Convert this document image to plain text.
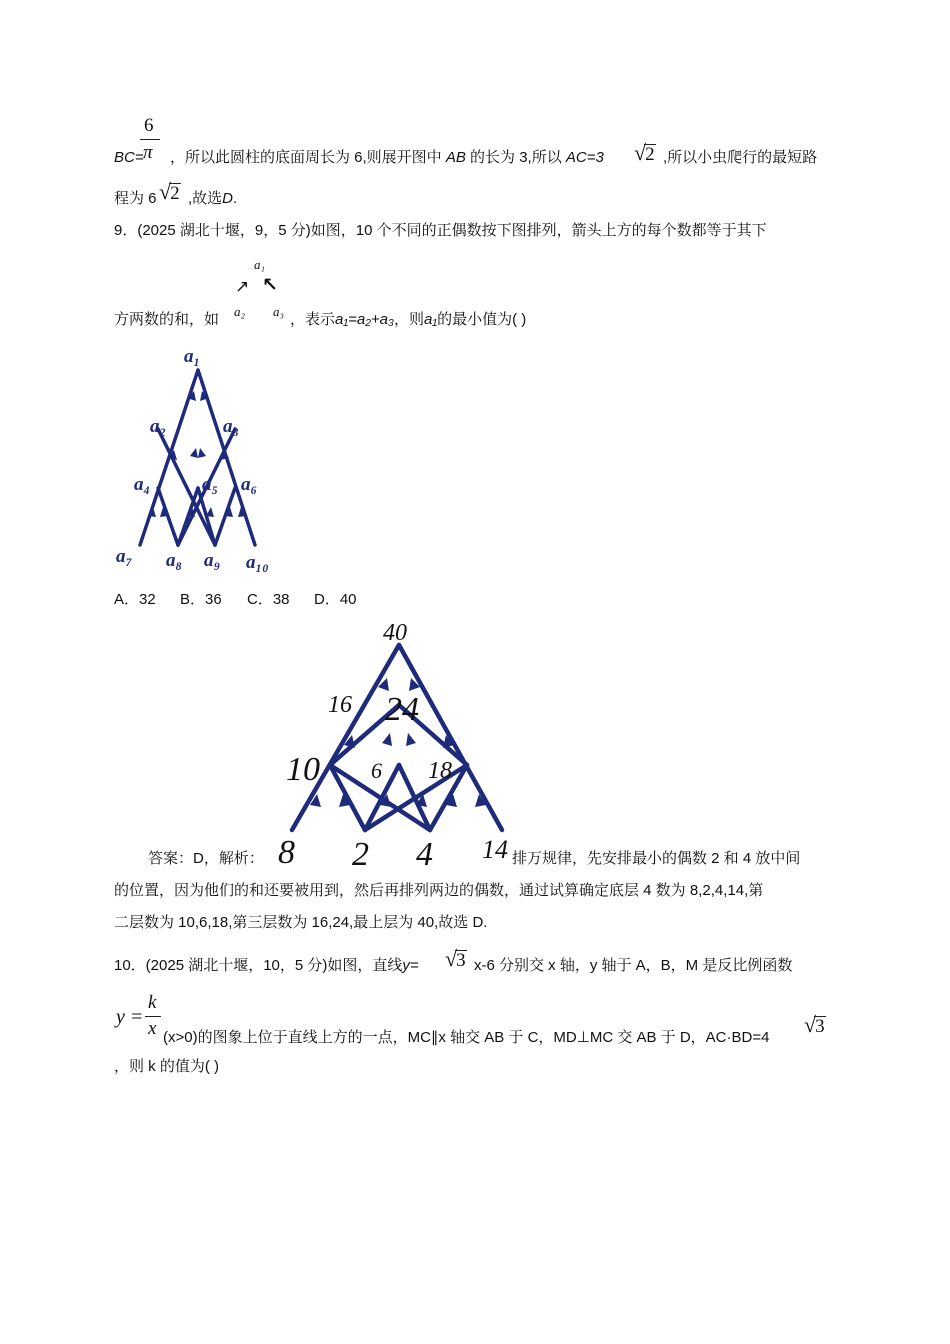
6
π
BC= ，所以此圆柱的底面周长为 6,则展开图中 AB 的长为 3,所以 AC=3 √2 ,所以小虫爬行的最短路
程为 6 √2 ,故选D.
9．(2025 湖北十堰，9，5 分)如图，10 个不同的正偶数按下图排列，箭头上方的每个数都等于其下
a₁
↗ ↖
a₂ a₃
方两数的和，如	，表示a₁=a₂+a₃，则a₁的最小值为( )
a₁
a₂	a₃
a₄	a₅ a₆
a₇ a₈ a₉ a₁₀
A．32 B．36 C．38 D．40
40
16 24
10 6 18
8 2 4 14
答案：D，解析：	排万规律，先安排最小的偶数 2 和 4 放中间
的位置，因为他们的和还要被用到，然后再排列两边的偶数，通过试算确定底层 4 数为 8,2,4,14,第
二层数为 10,6,18,第三层数为 16,24,最上层为 40,故选 D.
10．(2025 湖北十堰，10，5 分)如图，直线y= √3 x-6 分别交 x 轴，y 轴于 A，B，M 是反比例函数
y =
k
x (x>0)的图象上位于直线上方的一点，MC∥x 轴交 AB 于 C，MD⊥MC 交 AB 于 D，AC·BD=4
√3
，则 k 的值为( )
